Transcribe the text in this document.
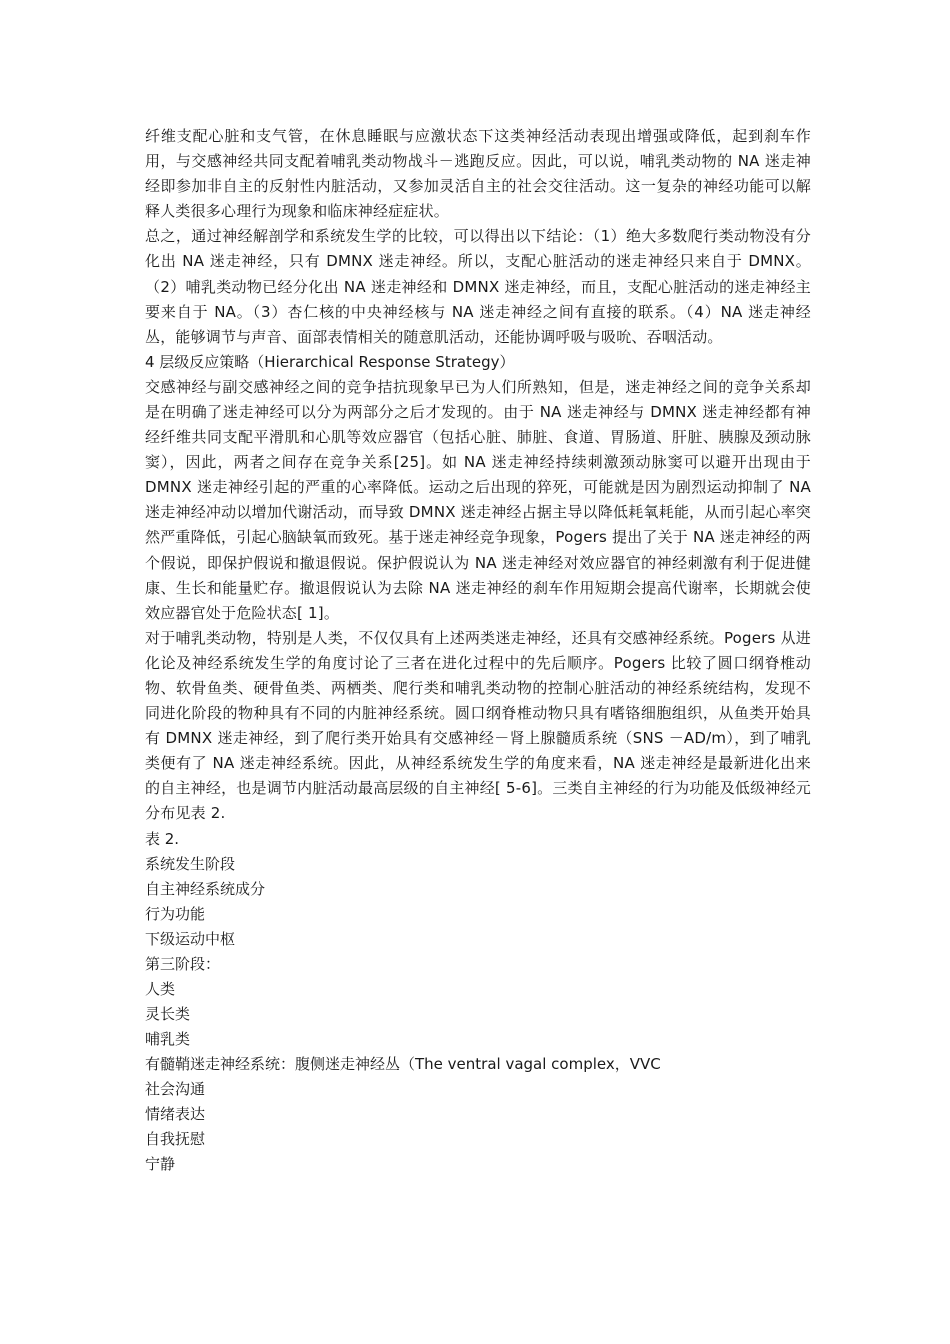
纤维支配心脏和支气管，在休息睡眠与应激状态下这类神经活动表现出增强或降低，起到刹车作用，与交感神经共同支配着哺乳类动物战斗－逃跑反应。因此，可以说，哺乳类动物的 NA 迷走神经即参加非自主的反射性内脏活动，又参加灵活自主的社会交往活动。这一复杂的神经功能可以解释人类很多心理行为现象和临床神经症症状。

总之，通过神经解剖学和系统发生学的比较，可以得出以下结论：（1）绝大多数爬行类动物没有分化出 NA 迷走神经，只有 DMNX 迷走神经。所以，支配心脏活动的迷走神经只来自于 DMNX。（2）哺乳类动物已经分化出 NA 迷走神经和 DMNX 迷走神经，而且，支配心脏活动的迷走神经主要来自于 NA。（3）杏仁核的中央神经核与 NA 迷走神经之间有直接的联系。（4）NA 迷走神经丛，能够调节与声音、面部表情相关的随意肌活动，还能协调呼吸与吸吮、吞咽活动。

4 层级反应策略（Hierarchical Response Strategy）

交感神经与副交感神经之间的竞争拮抗现象早已为人们所熟知，但是，迷走神经之间的竞争关系却是在明确了迷走神经可以分为两部分之后才发现的。由于 NA 迷走神经与 DMNX 迷走神经都有神经纤维共同支配平滑肌和心肌等效应器官（包括心脏、肺脏、食道、胃肠道、肝脏、胰腺及颈动脉窦），因此，两者之间存在竞争关系[25]。如 NA 迷走神经持续刺激颈动脉窦可以避开出现由于 DMNX 迷走神经引起的严重的心率降低。运动之后出现的猝死，可能就是因为剧烈运动抑制了 NA 迷走神经冲动以增加代谢活动，而导致 DMNX 迷走神经占据主导以降低耗氧耗能，从而引起心率突然严重降低，引起心脑缺氧而致死。基于迷走神经竞争现象，Pogers 提出了关于 NA 迷走神经的两个假说，即保护假说和撤退假说。保护假说认为 NA 迷走神经对效应器官的神经刺激有利于促进健康、生长和能量贮存。撤退假说认为去除 NA 迷走神经的刹车作用短期会提高代谢率，长期就会使效应器官处于危险状态[ 1]。

对于哺乳类动物，特别是人类，不仅仅具有上述两类迷走神经，还具有交感神经系统。Pogers 从进化论及神经系统发生学的角度讨论了三者在进化过程中的先后顺序。Pogers 比较了圆口纲脊椎动物、软骨鱼类、硬骨鱼类、两栖类、爬行类和哺乳类动物的控制心脏活动的神经系统结构，发现不同进化阶段的物种具有不同的内脏神经系统。圆口纲脊椎动物只具有嗜铬细胞组织，从鱼类开始具有 DMNX 迷走神经，到了爬行类开始具有交感神经－肾上腺髓质系统（SNS －AD/m），到了哺乳类便有了 NA 迷走神经系统。因此，从神经系统发生学的角度来看，NA 迷走神经是最新进化出来的自主神经，也是调节内脏活动最高层级的自主神经[ 5-6]。三类自主神经的行为功能及低级神经元分布见表 2.

表 2.

系统发生阶段

自主神经系统成分

行为功能

下级运动中枢

第三阶段：

人类

灵长类

哺乳类

有髓鞘迷走神经系统：腹侧迷走神经丛（The ventral vagal complex，VVC

社会沟通

情绪表达

自我抚慰

宁静
